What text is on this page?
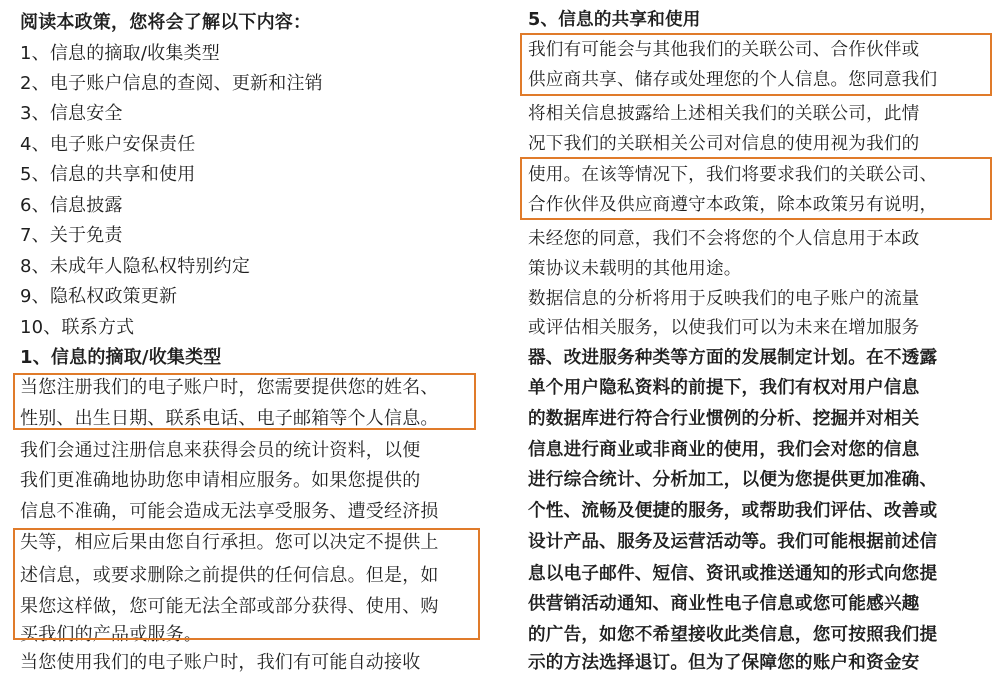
阅读本政策，您将会了解以下内容：
1、信息的摘取/收集类型
2、电子账户信息的查阅、更新和注销
3、信息安全
4、电子账户安保责任
5、信息的共享和使用
6、信息披露
7、关于免责
8、未成年人隐私权特别约定
9、隐私权政策更新
10、联系方式
1、信息的摘取/收集类型
当您注册我们的电子账户时，您需要提供您的姓名、
性别、出生日期、联系电话、电子邮箱等个人信息。
我们会通过注册信息来获得会员的统计资料，以便
我们更准确地协助您申请相应服务。如果您提供的
信息不准确，可能会造成无法享受服务、遭受经济损
失等，相应后果由您自行承担。您可以决定不提供上
述信息，或要求删除之前提供的任何信息。但是，如
果您这样做，您可能无法全部或部分获得、使用、购
买我们的产品或服务。
当您使用我们的电子账户时，我们有可能自动接收
5、信息的共享和使用
我们有可能会与其他我们的关联公司、合作伙伴或
供应商共享、储存或处理您的个人信息。您同意我们
将相关信息披露给上述相关我们的关联公司，此情
况下我们的关联相关公司对信息的使用视为我们的
使用。在该等情况下，我们将要求我们的关联公司、
合作伙伴及供应商遵守本政策，除本政策另有说明，
未经您的同意，我们不会将您的个人信息用于本政
策协议未载明的其他用途。
数据信息的分析将用于反映我们的电子账户的流量
或评估相关服务，以使我们可以为未来在增加服务
器、改进服务种类等方面的发展制定计划。在不透露
单个用户隐私资料的前提下，我们有权对用户信息
的数据库进行符合行业惯例的分析、挖掘并对相关
信息进行商业或非商业的使用，我们会对您的信息
进行综合统计、分析加工，以便为您提供更加准确、
个性、流畅及便捷的服务，或帮助我们评估、改善或
设计产品、服务及运营活动等。我们可能根据前述信
息以电子邮件、短信、资讯或推送通知的形式向您提
供营销活动通知、商业性电子信息或您可能感兴趣
的广告，如您不希望接收此类信息，您可按照我们提
示的方法选择退订。但为了保障您的账户和资金安
